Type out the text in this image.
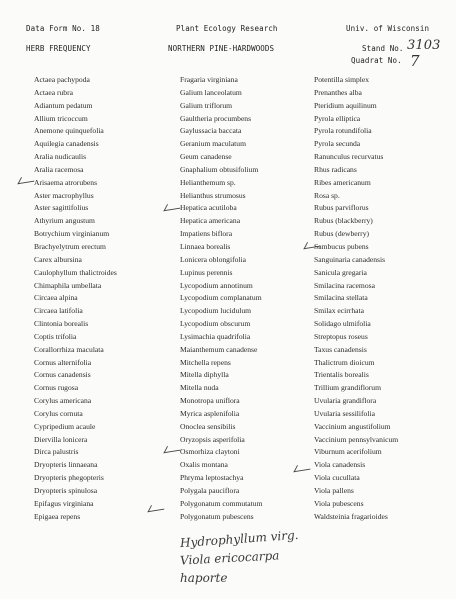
Data Form No. 18	Plant Ecology Research	Univ. of Wisconsin
HERB FREQUENCY	NORTHERN PINE-HARDWOODS	Stand No. 3103
Quadrat No. 7
Actaea pachypoda
Actaea rubra
Adiantum pedatum
Allium tricoccum
Anemone quinquefolia
Aquilegia canadensis
Aralia nudicaulis
Aralia racemosa
Arisaema atrorubens
Aster macrophyllus
Aster sagittifolius
Athyrium angustum
Botrychium virginianum
Brachyelytrum erectum
Carex albursina
Caulophyllum thalictroides
Chimaphila umbellata
Circaea alpina
Circaea latifolia
Clintonia borealis
Coptis trifolia
Corallorrhiza maculata
Cornus alternifolia
Cornus canadensis
Cornus rugosa
Corylus americana
Corylus cornuta
Cypripedium acaule
Diervilla lonicera
Dirca palustris
Dryopteris linnaeana
Dryopteris phegopteris
Dryopteris spinulosa
Epifagus virginiana
Epigaea repens
Fragaria virginiana
Galium lanceolatum
Galium triflorum
Gaultheria procumbens
Gaylussacia baccata
Geranium maculatum
Geum canadense
Gnaphalium obtusifolium
Helianthemum sp.
Helianthus strumosus
Hepatica acutiloba
Hepatica americana
Impatiens biflora
Linnaea borealis
Lonicera oblongifolia
Lupinus perennis
Lycopodium annotinum
Lycopodium complanatum
Lycopodium lucidulum
Lycopodium obscurum
Lysimachia quadrifolia
Maianthemum canadense
Mitchella repens
Mitella diphylla
Mitella nuda
Monotropa uniflora
Myrica asplenifolia
Onoclea sensibilis
Oryzopsis asperifolia
Osmorhiza claytoni
Oxalis montana
Phryma leptostachya
Polygala pauciflora
Polygonatum commutatum
Polygonatum pubescens
Potentilla simplex
Prenanthes alba
Pteridium aquilinum
Pyrola elliptica
Pyrola rotundifolia
Pyrola secunda
Ranunculus recurvatus
Rhus radicans
Ribes americanum
Rosa sp.
Rubus parviflorus
Rubus (blackberry)
Rubus (dewberry)
Sambucus pubens
Sanguinaria canadensis
Sanicula gregaria
Smilacina racemosa
Smilacina stellata
Smilax ecirrhata
Solidago ulmifolia
Streptopus roseus
Taxus canadensis
Thalictrum dioicum
Trientalis borealis
Trillium grandiflorum
Uvularia grandiflora
Uvularia sessilifolia
Vaccinium angustifolium
Vaccinium pennsylvanicum
Viburnum acerifolium
Viola canadensis
Viola cucullata
Viola pallens
Viola pubescens
Waldsteinia fragarioides
Hydrophyllum virg.
Viola ericocarpa
haporte
